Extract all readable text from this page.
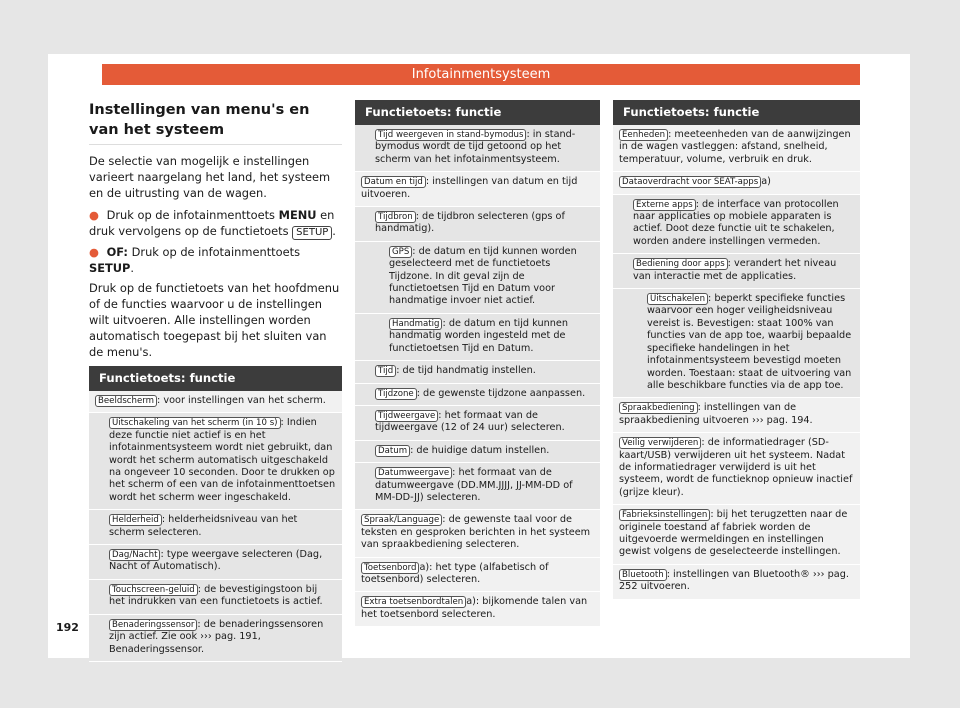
Infotainmentsysteem
192
Instellingen van menu's en van het systeem

De selectie van mogelijk e instellingen varieert naargelang het land, het systeem en de uitrusting van de wagen.

● Druk op de infotainmenttoets MENU en druk vervolgens op de functietoets SETUP .
● OF: Druk op de infotainmenttoets SETUP.

Druk op de functietoets van het hoofdmenu of de functies waarvoor u de instellingen wilt uitvoeren. Alle instellingen worden automatisch toegepast bij het sluiten van de menu's.

Functietoets: functie
Beeldscherm : voor instellingen van het scherm.
Uitschakeling van het scherm (in 10 s) : Indien deze functie niet actief is en het infotainmentsysteem wordt niet gebruikt, dan wordt het scherm automatisch uitgeschakeld na ongeveer 10 seconden. Door te drukken op het scherm of een van de infotainmenttoetsen wordt het scherm weer ingeschakeld.
Helderheid : helderheidsniveau van het scherm selecteren.
Dag/Nacht : type weergave selecteren (Dag, Nacht of Automatisch).
Touchscreen-geluid : de bevestigingstoon bij het indrukken van een functietoets is actief.
Benaderingssensor : de benaderingssensoren zijn actief. Zie ook ››› pag. 191, Benaderingssensor.
Functietoets: functie
Tijd weergeven in stand-bymodus : in stand-bymodus wordt de tijd getoond op het scherm van het infotainmentsysteem.
Datum en tijd : instellingen van datum en tijd uitvoeren.
Tijdbron : de tijdbron selecteren (gps of handmatig).
GPS : de datum en tijd kunnen worden geselecteerd met de functietoets Tijdzone. In dit geval zijn de functietoetsen Tijd en Datum voor handmatige invoer niet actief.
Handmatig : de datum en tijd kunnen handmatig worden ingesteld met de functietoetsen Tijd en Datum.
Tijd : de tijd handmatig instellen.
Tijdzone : de gewenste tijdzone aanpassen.
Tijdweergave : het formaat van de tijdweergave (12 of 24 uur) selecteren.
Datum : de huidige datum instellen.
Datumweergave : het formaat van de datumweergave (DD.MM.JJJJ, JJ-MM-DD of MM-DD-JJ) selecteren.
Spraak/Language : de gewenste taal voor de teksten en gesproken berichten in het systeem van spraakbediening selecteren.
Toetsenbord a): het type (alfabetisch of toetsenbord) selecteren.
Extra toetsenbordtalen a): bijkomende talen van het toetsenbord selecteren.
Functietoets: functie
Eenheden : meeteenheden van de aanwijzingen in de wagen vastleggen: afstand, snelheid, temperatuur, volume, verbruik en druk.
Dataoverdracht voor SEAT-apps a)
Externe apps : de interface van protocollen naar applicaties op mobiele apparaten is actief. Doot deze functie uit te schakelen, worden andere instellingen vermeden.
Bediening door apps : verandert het niveau van interactie met de applicaties.
Uitschakelen : beperkt specifieke functies waarvoor een hoger veiligheidsniveau vereist is. Bevestigen: staat 100% van functies van de app toe, waarbij bepaalde specifieke handelingen in het infotainmentsysteem bevestigd moeten worden. Toestaan: staat de uitvoering van alle beschikbare functies via de app toe.
Spraakbediening : instellingen van de spraakbediening uitvoeren ››› pag. 194.
Veilig verwijderen : de informatiedrager (SD-kaart/USB) verwijderen uit het systeem. Nadat de informatiedrager verwijderd is uit het systeem, wordt de functieknop opnieuw inactief (grijze kleur).
Fabrieksinstellingen : bij het terugzetten naar de originele toestand af fabriek worden de uitgevoerde wermeldingen en instellingen gewist volgens de geselecteerde instellingen.
Bluetooth : instellingen van Bluetooth® ››› pag. 252 uitvoeren.
